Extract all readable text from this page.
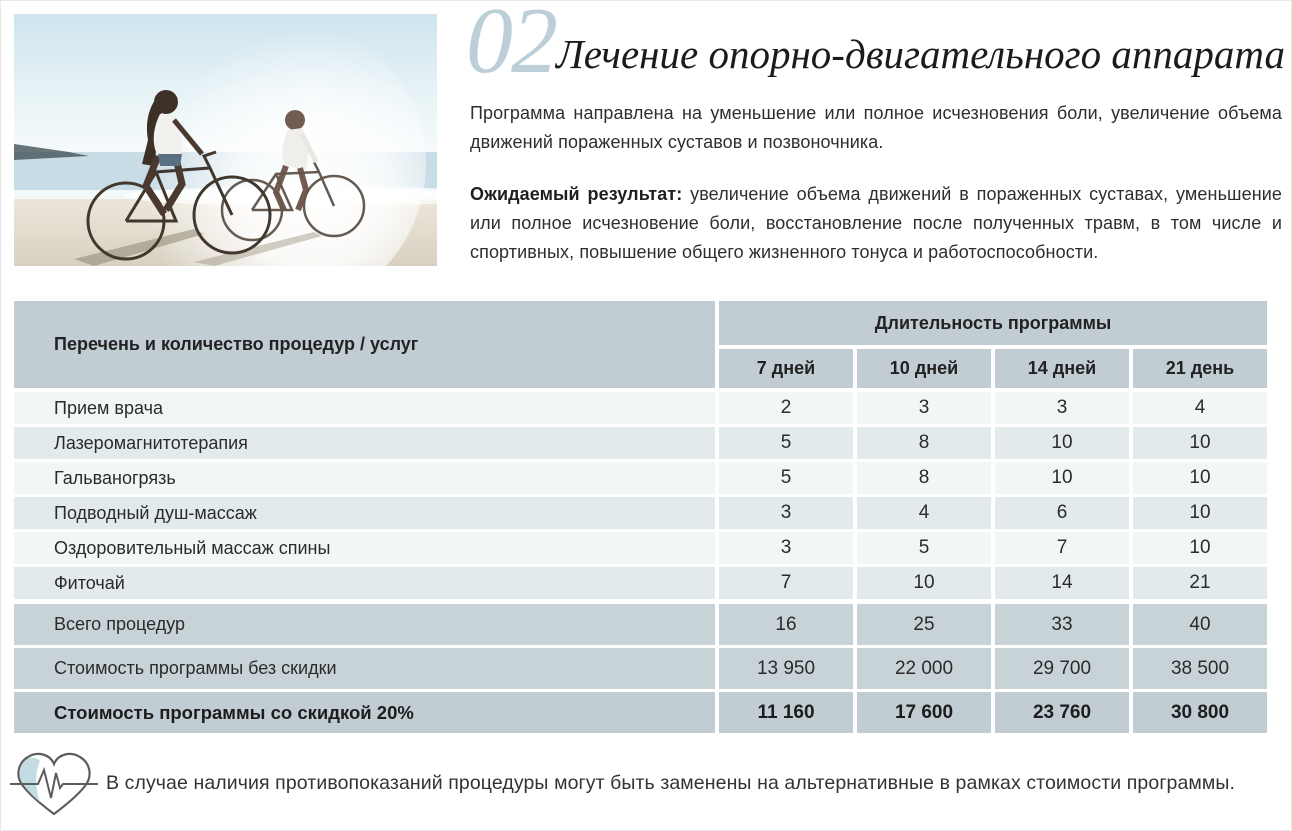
02 Лечение опорно-двигательного аппарата

Программа направлена на уменьшение или полное исчезновения боли, увеличение объема движений пораженных суставов и позвоночника.

Ожидаемый результат: увеличение объема движений в пораженных суставах, уменьшение или полное исчезновение боли, восстановление после полученных травм, в том числе и спортивных, повышение общего жизненного тонуса и работоспособности.

Перечень и количество процедур / услуг
Длительность программы
7 дней	10 дней	14 дней	21 день
Прием врача	2	3	3	4
Лазеромагнитотерапия	5	8	10	10
Гальваногрязь	5	8	10	10
Подводный душ-массаж	3	4	6	10
Оздоровительный массаж спины	3	5	7	10
Фиточай	7	10	14	21
Всего процедур	16	25	33	40
Стоимость программы без скидки	13 950	22 000	29 700	38 500
Стоимость программы со скидкой 20%	11 160	17 600	23 760	30 800
В случае наличия противопоказаний процедуры могут быть заменены на альтернативные в рамках стоимости программы.
